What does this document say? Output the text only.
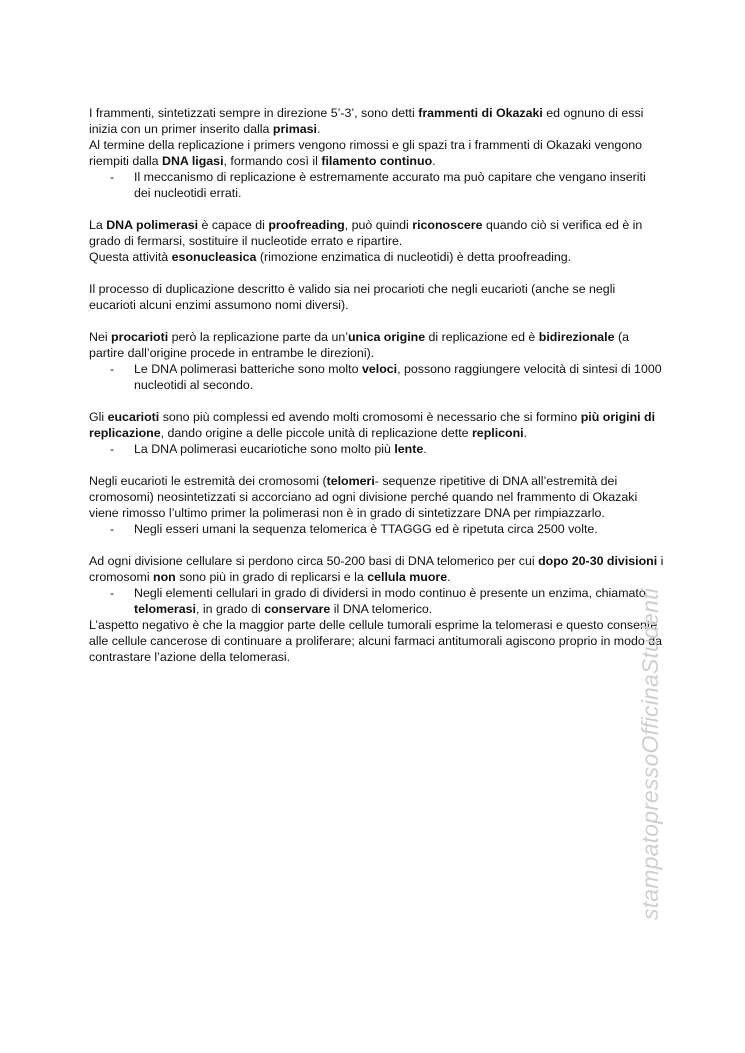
I frammenti, sintetizzati sempre in direzione 5’-3’, sono detti frammenti di Okazaki ed ognuno di essi inizia con un primer inserito dalla primasi.

Al termine della replicazione i primers vengono rimossi e gli spazi tra i frammenti di Okazaki vengono riempiti dalla DNA ligasi, formando così il filamento continuo.

- Il meccanismo di replicazione è estremamente accurato ma può capitare che vengano inseriti dei nucleotidi errati.

La DNA polimerasi è capace di proofreading, può quindi riconoscere quando ciò si verifica ed è in grado di fermarsi, sostituire il nucleotide errato e ripartire.

Questa attività esonucleasica (rimozione enzimatica di nucleotidi) è detta proofreading.

Il processo di duplicazione descritto è valido sia nei procarioti che negli eucarioti (anche se negli eucarioti alcuni enzimi assumono nomi diversi).

Nei procarioti però la replicazione parte da un’unica origine di replicazione ed è bidirezionale (a partire dall’origine procede in entrambe le direzioni).

- Le DNA polimerasi batteriche sono molto veloci, possono raggiungere velocità di sintesi di 1000 nucleotidi al secondo.

Gli eucarioti sono più complessi ed avendo molti cromosomi è necessario che si formino più origini di replicazione, dando origine a delle piccole unità di replicazione dette repliconi.

- La DNA polimerasi eucariotiche sono molto più lente.

Negli eucarioti le estremità dei cromosomi (telomeri- sequenze ripetitive di DNA all’estremità dei cromosomi) neosintetizzati si accorciano ad ogni divisione perché quando nel frammento di Okazaki viene rimosso l’ultimo primer la polimerasi non è in grado di sintetizzare DNA per rimpiazzarlo.

- Negli esseri umani la sequenza telomerica è TTAGGG ed è ripetuta circa 2500 volte.

Ad ogni divisione cellulare si perdono circa 50-200 basi di DNA telomerico per cui dopo 20-30 divisioni i cromosomi non sono più in grado di replicarsi e la cellula muore.

- Negli elementi cellulari in grado di dividersi in modo continuo è presente un enzima, chiamato telomerasi, in grado di conservare il DNA telomerico.

L’aspetto negativo è che la maggior parte delle cellule tumorali esprime la telomerasi e questo consente alle cellule cancerose di continuare a proliferare; alcuni farmaci antitumorali agiscono proprio in modo da contrastare l’azione della telomerasi.	stampatopressoOfficinaStudenti
